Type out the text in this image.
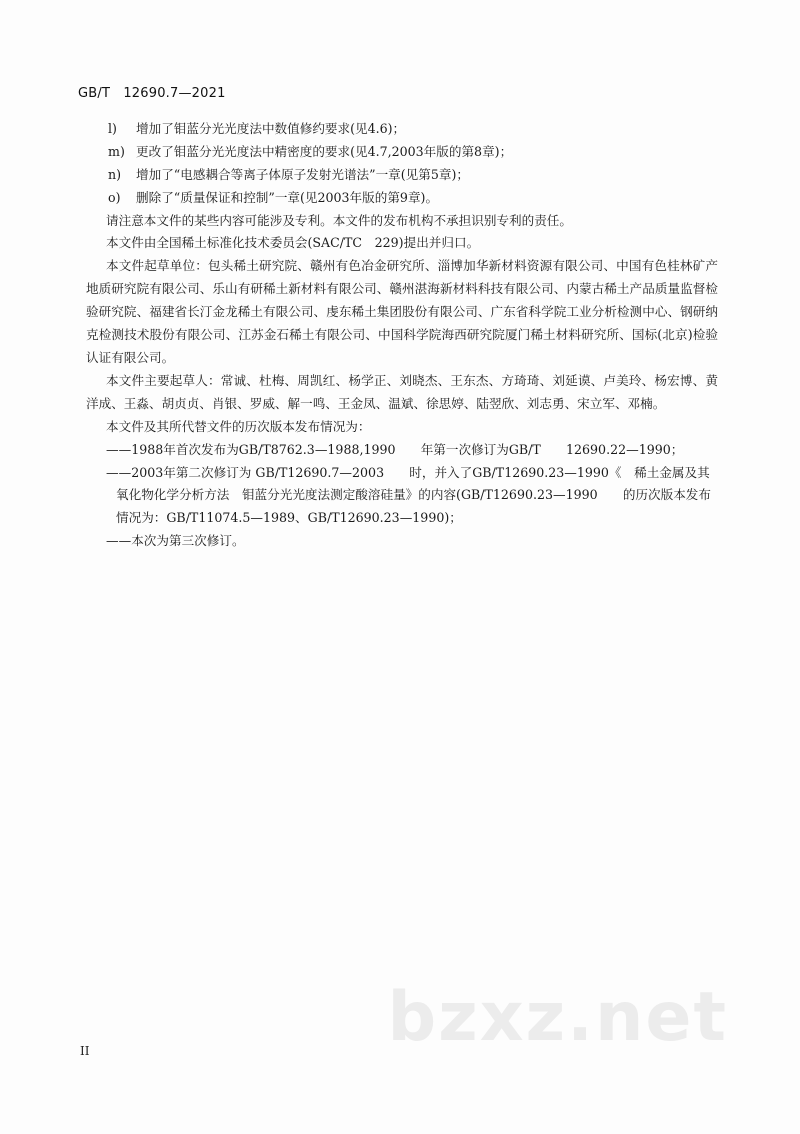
GB/T　12690.7—2021
l) 增加了钼蓝分光光度法中数值修约要求(见4.6)；
m) 更改了钼蓝分光光度法中精密度的要求(见4.7,2003年版的第8章)；
n) 增加了“电感耦合等离子体原子发射光谱法”一章(见第5章)；
o) 删除了“质量保证和控制”一章(见2003年版的第9章)。
请注意本文件的某些内容可能涉及专利。本文件的发布机构不承担识别专利的责任。
本文件由全国稀土标准化技术委员会(SAC/TC　229)提出并归口。
本文件起草单位：包头稀土研究院、赣州有色冶金研究所、淄博加华新材料资源有限公司、中国有色桂林矿产地质研究院有限公司、乐山有研稀土新材料有限公司、赣州湛海新材料科技有限公司、内蒙古稀土产品质量监督检验研究院、福建省长汀金龙稀土有限公司、虔东稀土集团股份有限公司、广东省科学院工业分析检测中心、钢研纳克检测技术股份有限公司、江苏金石稀土有限公司、中国科学院海西研究院厦门稀土材料研究所、国标(北京)检验认证有限公司。
本文件主要起草人：常诚、杜梅、周凯红、杨学正、刘晓杰、王东杰、方琦琦、刘延谟、卢美玲、杨宏博、黄洋成、王淼、胡贞贞、肖银、罗威、解一鸣、王金凤、温斌、徐思婷、陆翌欣、刘志勇、宋立军、邓楠。
本文件及其所代替文件的历次版本发布情况为：
——1988年首次发布为GB/T8762.3—1988,1990　　年第一次修订为GB/T　　12690.22—1990；
——2003年第二次修订为 GB/T12690.7—2003　　时，并入了GB/T12690.23—1990《　稀土金属及其氧化物化学分析方法　钼蓝分光光度法测定酸溶硅量》的内容(GB/T12690.23—1990　　的历次版本发布情况为：GB/T11074.5—1989、GB/T12690.23—1990)；
——本次为第三次修订。
bzxz.net
II
